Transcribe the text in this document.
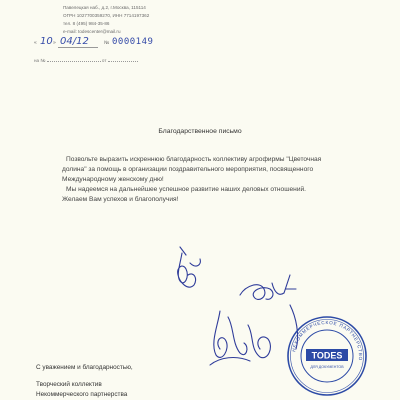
Павелецкая наб., д.2, г.Москва, 115114
ОГРН 1027700359270, ИНН 7714197362
тел. 8 (495) 984-35-86
e-mail: todescenter@mail.ru
« 10 » 04/12	№ 0000149
на №	от
Благодарственное письмо
Позвольте выразить искреннюю благодарность коллективу агрофирмы "Цветочная
долина" за помощь в организации поздравительного мероприятия, посвященного
Международному женскому дню!
Мы надеемся на дальнейшее успешное развитие наших деловых отношений.
Желаем Вам успехов и благополучия!
НЕКОММЕРЧЕСКОЕ ПАРТНЕРСТВО
TODES
ДЛЯ ДОКУМЕНТОВ
С уважением и благодарностью,
Творческий коллектив
Некоммерческого партнерства
